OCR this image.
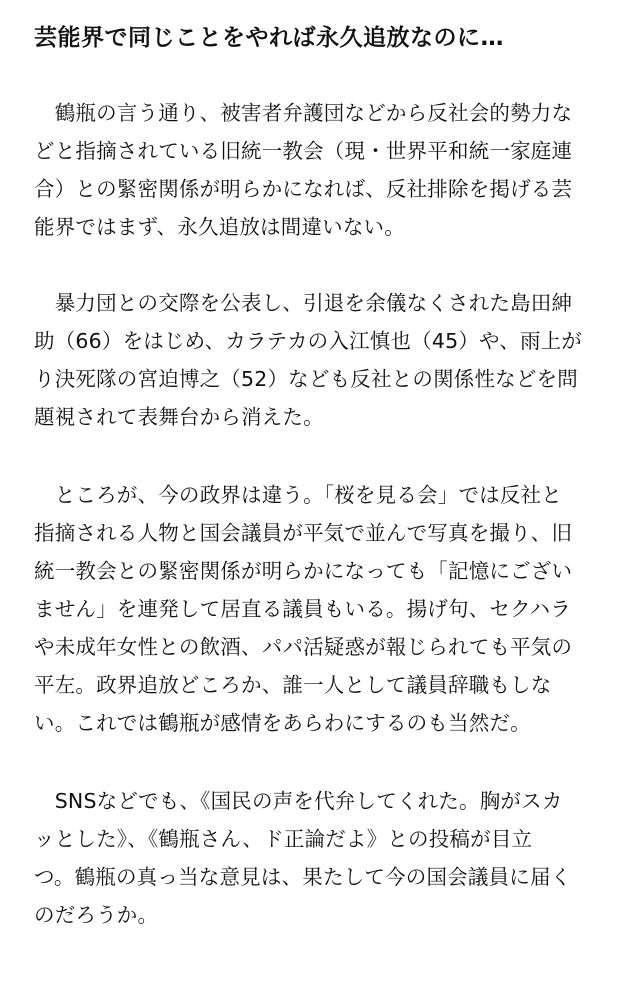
芸能界で同じことをやれば永久追放なのに…

　鶴瓶の言う通り、被害者弁護団などから反社会的勢力な
どと指摘されている旧統一教会（現・世界平和統一家庭連
合）との緊密関係が明らかになれば、反社排除を掲げる芸
能界ではまず、永久追放は間違いない。

　暴力団との交際を公表し、引退を余儀なくされた島田紳
助（66）をはじめ、カラテカの入江慎也（45）や、雨上が
り決死隊の宮迫博之（52）なども反社との関係性などを問
題視されて表舞台から消えた。

　ところが、今の政界は違う。「桜を見る会」では反社と
指摘される人物と国会議員が平気で並んで写真を撮り、旧
統一教会との緊密関係が明らかになっても「記憶にござい
ません」を連発して居直る議員もいる。揚げ句、セクハラ
や未成年女性との飲酒、パパ活疑惑が報じられても平気の
平左。政界追放どころか、誰一人として議員辞職もしな
い。これでは鶴瓶が感情をあらわにするのも当然だ。

　SNSなどでも、《国民の声を代弁してくれた。胸がスカ
ッとした》、《鶴瓶さん、ド正論だよ》との投稿が目立
つ。鶴瓶の真っ当な意見は、果たして今の国会議員に届く
のだろうか。
